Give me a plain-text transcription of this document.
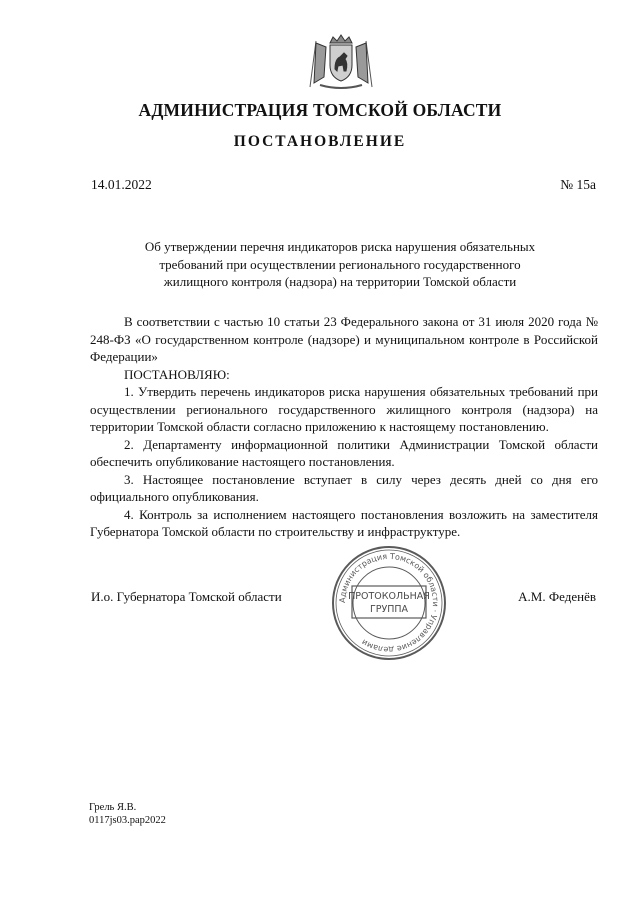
АДМИНИСТРАЦИЯ ТОМСКОЙ ОБЛАСТИ
ПОСТАНОВЛЕНИЕ
14.01.2022	№ 15а
Об утверждении перечня индикаторов риска нарушения обязательных
требований при осуществлении регионального государственного
жилищного контроля (надзора) на территории Томской области

В соответствии с частью 10 статьи 23 Федерального закона от 31 июля 2020 года № 248-ФЗ «О государственном контроле (надзоре) и муниципальном контроле в Российской Федерации»

ПОСТАНОВЛЯЮ:

1. Утвердить перечень индикаторов риска нарушения обязательных требований при осуществлении регионального государственного жилищного контроля (надзора) на территории Томской области согласно приложению к настоящему постановлению.

2. Департаменту информационной политики Администрации Томской области обеспечить опубликование настоящего постановления.

3. Настоящее постановление вступает в силу через десять дней со дня его официального опубликования.

4. Контроль за исполнением настоящего постановления возложить на заместителя Губернатора Томской области по строительству и инфраструктуре.

И.о. Губернатора Томской области	А.М. Феденёв
Администрация Томской области · Управление делами
ПРОТОКОЛЬНАЯ
ГРУППА
Грель Я.В.
0117js03.pap2022
